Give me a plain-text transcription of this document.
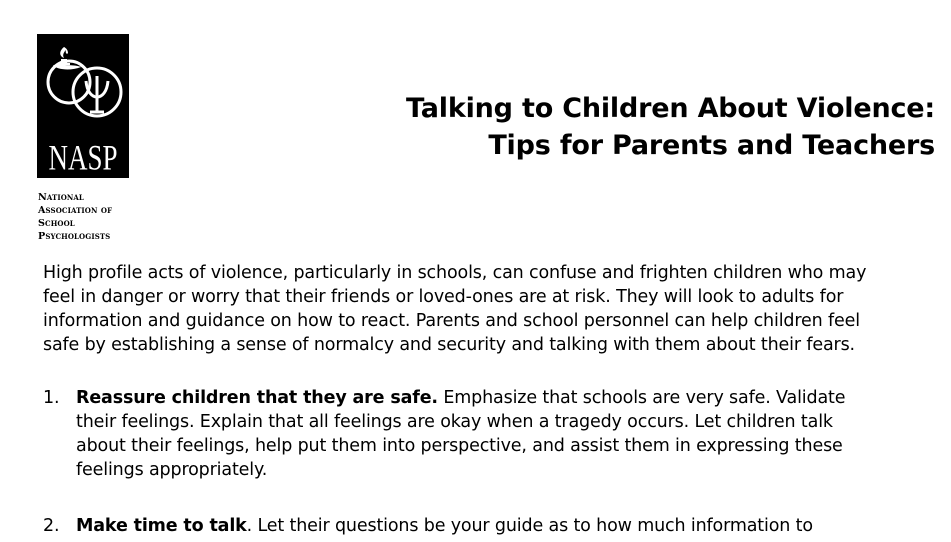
NASP
National
Association of
School
Psychologists
Talking to Children About Violence:
Tips for Parents and Teachers
High profile acts of violence, particularly in schools, can confuse and frighten children who may
feel in danger or worry that their friends or loved-ones are at risk. They will look to adults for
information and guidance on how to react. Parents and school personnel can help children feel
safe by establishing a sense of normalcy and security and talking with them about their fears.
1. Reassure children that they are safe. Emphasize that schools are very safe. Validate
their feelings. Explain that all feelings are okay when a tragedy occurs. Let children talk
about their feelings, help put them into perspective, and assist them in expressing these
feelings appropriately.
2. Make time to talk. Let their questions be your guide as to how much information to
